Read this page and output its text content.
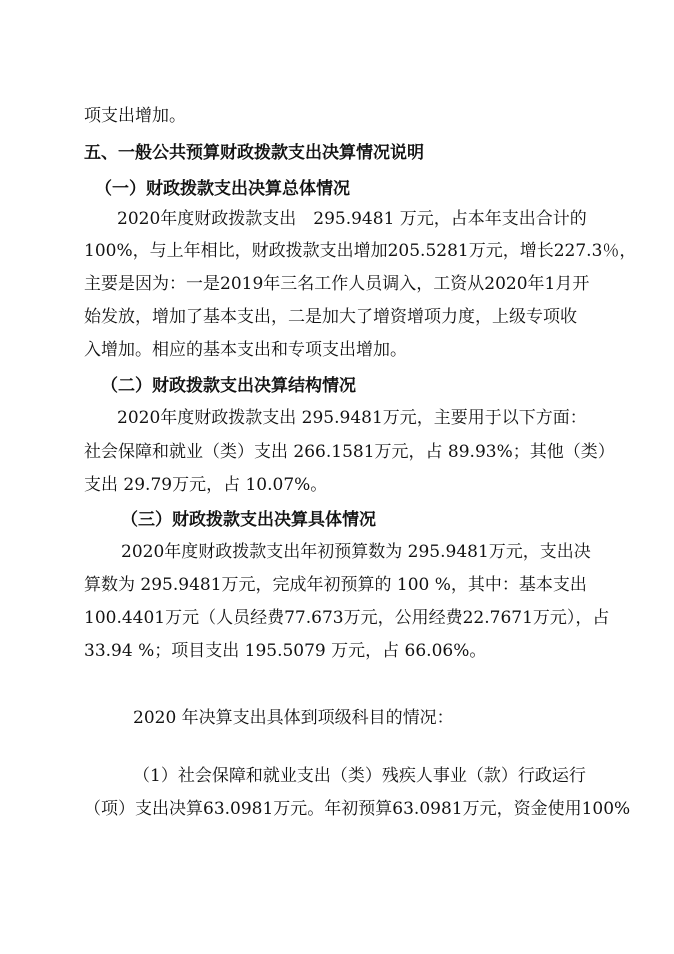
项支出增加。
五、一般公共预算财政拨款支出决算情况说明
（一）财政拨款支出决算总体情况
2020年度财政拨款支出　295.9481 万元，占本年支出合计的
100%，与上年相比，财政拨款支出增加205.5281万元，增长227.3％，
主要是因为：一是2019年三名工作人员调入，工资从2020年1月开
始发放，增加了基本支出，二是加大了增资增项力度，上级专项收
入增加。相应的基本支出和专项支出增加。
（二）财政拨款支出决算结构情况
2020年度财政拨款支出 295.9481万元，主要用于以下方面：
社会保障和就业（类）支出 266.1581万元，占 89.93%；其他（类）
支出 29.79万元，占 10.07%。
（三）财政拨款支出决算具体情况
2020年度财政拨款支出年初预算数为 295.9481万元，支出决
算数为 295.9481万元，完成年初预算的 100 %，其中：基本支出
100.4401万元（人员经费77.673万元，公用经费22.7671万元），占
33.94 %；项目支出 195.5079 万元，占 66.06%。
2020 年决算支出具体到项级科目的情况：
（1）社会保障和就业支出（类）残疾人事业（款）行政运行
（项）支出决算63.0981万元。年初预算63.0981万元，资金使用100%
